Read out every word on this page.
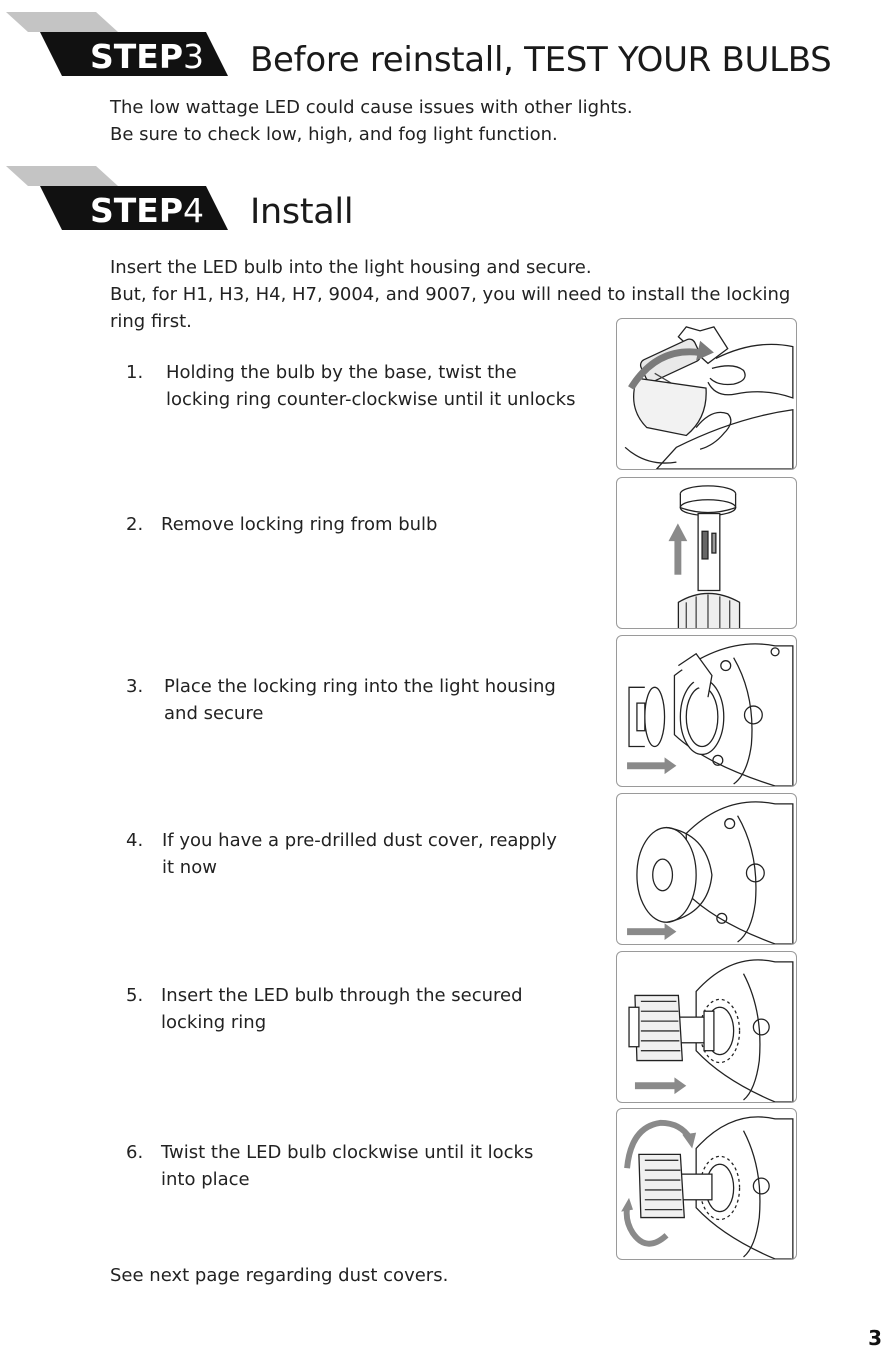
STEP3 Before reinstall, TEST YOUR BULBS
The low wattage LED could cause issues with other lights.
Be sure to check low, high, and fog light function.
STEP4 Install
Insert the LED bulb into the light housing and secure.
But, for H1, H3, H4, H7, 9004, and 9007, you will need to install the locking
ring first.
1. Holding the bulb by the base, twist the
locking ring counter-clockwise until it unlocks
2. Remove locking ring from bulb
3. Place the locking ring into the light housing
and secure
4. If you have a pre-drilled dust cover, reapply
it now
5. Insert the LED bulb through the secured
locking ring
6. Twist the LED bulb clockwise until it locks
into place
See next page regarding dust covers.
3
